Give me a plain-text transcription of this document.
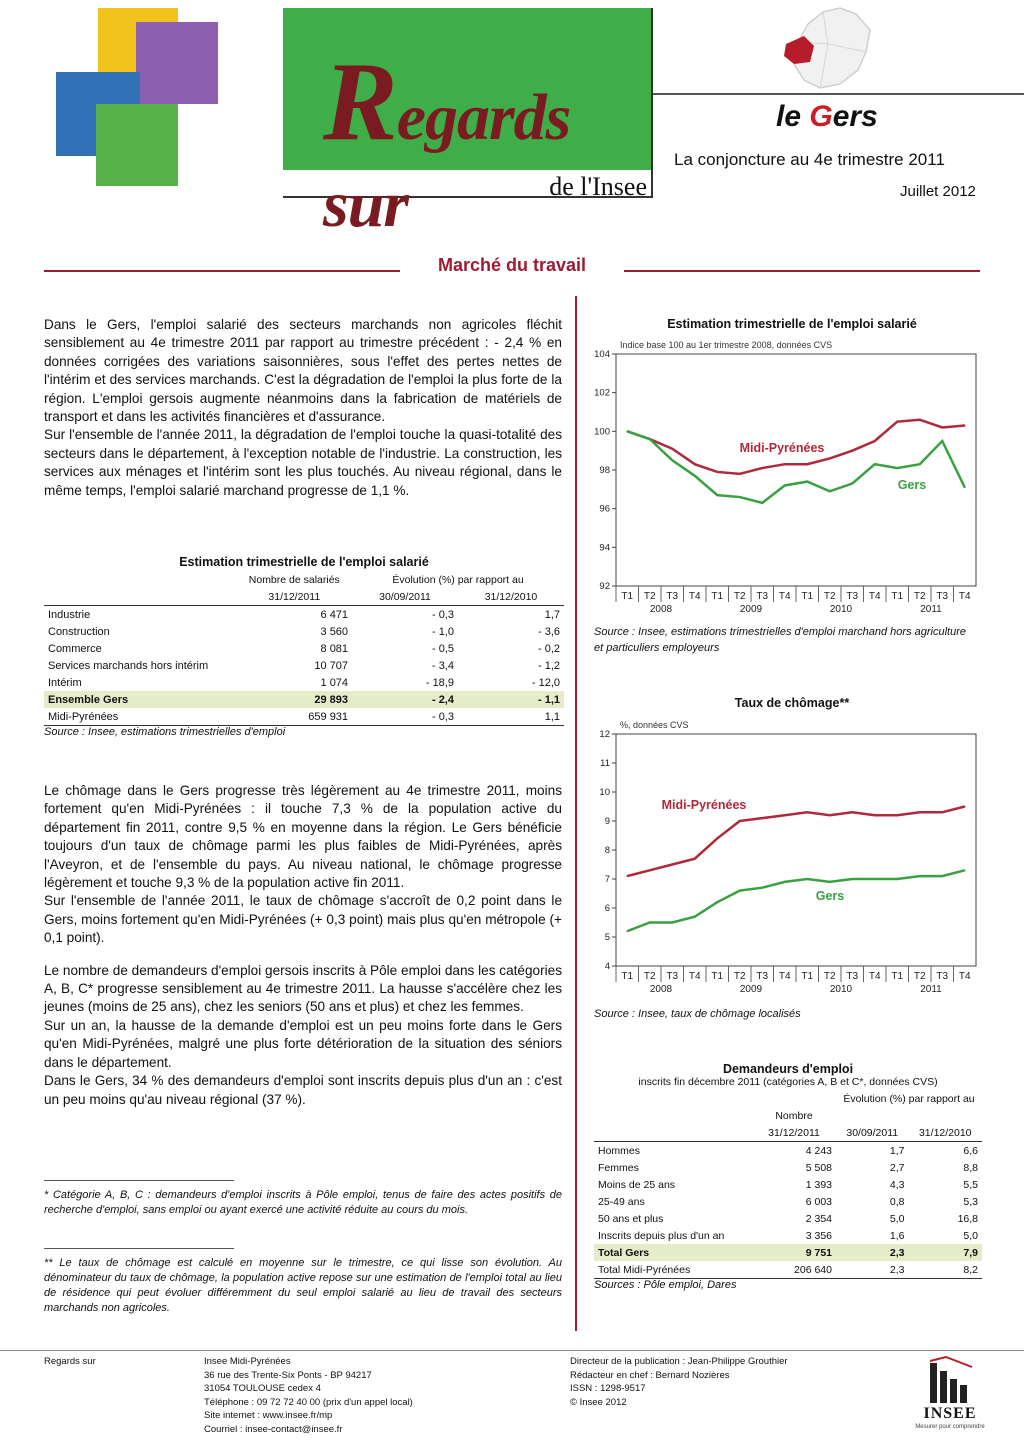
Regards sur	de l'Insee
le Gers
La conjoncture au 4e trimestre 2011
Juillet 2012
Marché du travail

Dans le Gers, l'emploi salarié des secteurs marchands non agricoles fléchit sensiblement au 4e trimestre 2011 par rapport au trimestre précédent : - 2,4 % en données corrigées des variations saisonnières, sous l'effet des pertes nettes de l'intérim et des services marchands. C'est la dégradation de l'emploi la plus forte de la région. L'emploi gersois augmente néanmoins dans la fabrication de matériels de transport et dans les activités financières et d'assurance.

Sur l'ensemble de l'année 2011, la dégradation de l'emploi touche la quasi-totalité des secteurs dans le département, à l'exception notable de l'industrie. La construction, les services aux ménages et l'intérim sont les plus touchés. Au niveau régional, dans le même temps, l'emploi salarié marchand progresse de 1,1 %.

Estimation trimestrielle de l'emploi salarié
	Nombre de salariés	Évolution (%) par rapport au	
	31/12/2011	30/09/2011	31/12/2010
Industrie	6 471	- 0,3	1,7
Construction	3 560	- 1,0	- 3,6
Commerce	8 081	- 0,5	- 0,2
Services marchands hors intérim	10 707	- 3,4	- 1,2
Intérim	1 074	- 18,9	- 12,0
Ensemble Gers	29 893	- 2,4	- 1,1
Midi-Pyrénées	659 931	- 0,3	1,1
Source : Insee, estimations trimestrielles d'emploi

Le chômage dans le Gers progresse très légèrement au 4e trimestre 2011, moins fortement qu'en Midi-Pyrénées : il touche 7,3 % de la population active du département fin 2011, contre 9,5 % en moyenne dans la région. Le Gers bénéficie toujours d'un taux de chômage parmi les plus faibles de Midi-Pyrénées, après l'Aveyron, et de l'ensemble du pays. Au niveau national, le chômage progresse légèrement et touche 9,3 % de la population active fin 2011.

Sur l'ensemble de l'année 2011, le taux de chômage s'accroît de 0,2 point dans le Gers, moins fortement qu'en Midi-Pyrénées (+ 0,3 point) mais plus qu'en métropole (+ 0,1 point).

Le nombre de demandeurs d'emploi gersois inscrits à Pôle emploi dans les catégories A, B, C* progresse sensiblement au 4e trimestre 2011. La hausse s'accélère chez les jeunes (moins de 25 ans), chez les seniors (50 ans et plus) et chez les femmes.

Sur un an, la hausse de la demande d'emploi est un peu moins forte dans le Gers qu'en Midi-Pyrénées, malgré une plus forte détérioration de la situation des séniors dans le département.

Dans le Gers, 34 % des demandeurs d'emploi sont inscrits depuis plus d'un an : c'est un peu moins qu'au niveau régional (37 %).

* Catégorie A, B, C : demandeurs d'emploi inscrits à Pôle emploi, tenus de faire des actes positifs de recherche d'emploi, sans emploi ou ayant exercé une activité réduite au cours du mois.
** Le taux de chômage est calculé en moyenne sur le trimestre, ce qui lisse son évolution. Au dénominateur du taux de chômage, la population active repose sur une estimation de l'emploi total au lieu de résidence qui peut évoluer différemment du seul emploi salarié au lieu de travail des secteurs marchands non agricoles.
Estimation trimestrielle de l'emploi salarié
Indice base 100 au 1er trimestre 2008, données CVS
92
94
96
98
100
102
104
T1 T2 T3 T4 T1 T2 T3 T4 T1 T2 T3 T4 T1 T2 T3 T4
2008	2009	2010	2011
Midi-Pyrénées
Gers
Source : Insee, estimations trimestrielles d'emploi marchand hors agriculture et particuliers employeurs
Taux de chômage**
%, données CVS
4
5
6
7
8
9
10
11
12
T1 T2 T3 T4 T1 T2 T3 T4 T1 T2 T3 T4 T1 T2 T3 T4
2008	2009	2010	2011
Midi-Pyrénées
Gers
Source : Insee, taux de chômage localisés
Demandeurs d'emploi
inscrits fin décembre 2011 (catégories A, B et C*, données CVS)
		Évolution (%) par rapport au	
	Nombre		
	31/12/2011	30/09/2011	31/12/2010
Hommes	4 243	1,7	6,6
Femmes	5 508	2,7	8,8
Moins de 25 ans	1 393	4,3	5,5
25-49 ans	6 003	0,8	5,3
50 ans et plus	2 354	5,0	16,8
Inscrits depuis plus d'un an	3 356	1,6	5,0
Total Gers	9 751	2,3	7,9
Total Midi-Pyrénées	206 640	2,3	8,2
Sources : Pôle emploi, Dares
Regards sur	Insee Midi-Pyrénées
36 rue des Trente-Six Ponts - BP 94217
31054 TOULOUSE cedex 4
Téléphone : 09 72 72 40 00 (prix d'un appel local)
Site internet : www.insee.fr/mp
Courriel : insee-contact@insee.fr
Directeur de la publication : Jean-Philippe Grouthier
Rédacteur en chef : Bernard Nozières
ISSN : 1298-9517
© Insee 2012
INSEE
Mesurer pour comprendre
